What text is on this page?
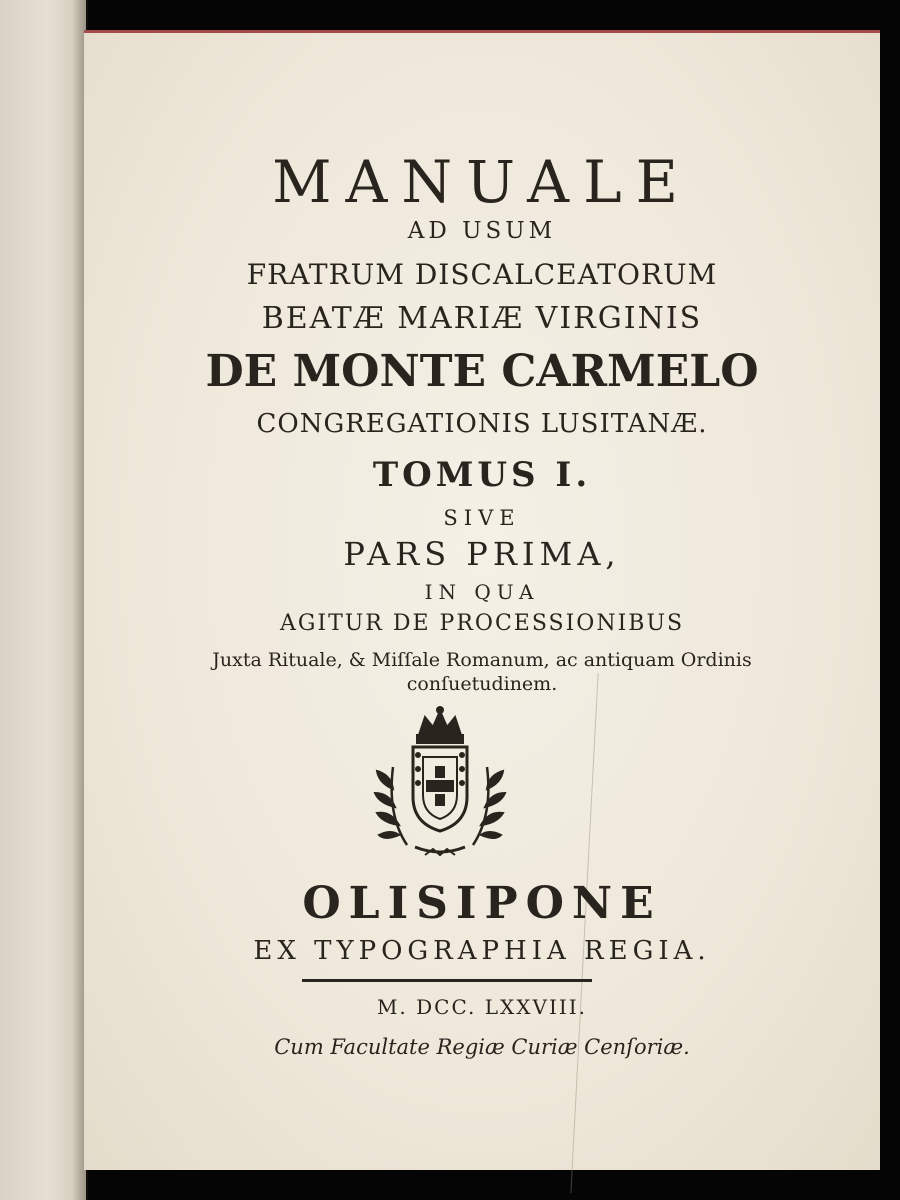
MANUALE

AD USUM

FRATRUM DISCALCEATORUM

BEATÆ MARIÆ VIRGINIS

DE MONTE CARMELO

CONGREGATIONIS LUSITANÆ.

TOMUS I.

SIVE

PARS PRIMA,

IN QUA

AGITUR DE PROCESSIONIBUS

Juxta Rituale, & Miſſale Romanum, ac antiquam Ordinis

conſuetudinem.

OLISIPONE

EX TYPOGRAPHIA REGIA.

M. DCC. LXXVIII.

Cum Facultate Regiæ Curiæ Cenſoriæ.
